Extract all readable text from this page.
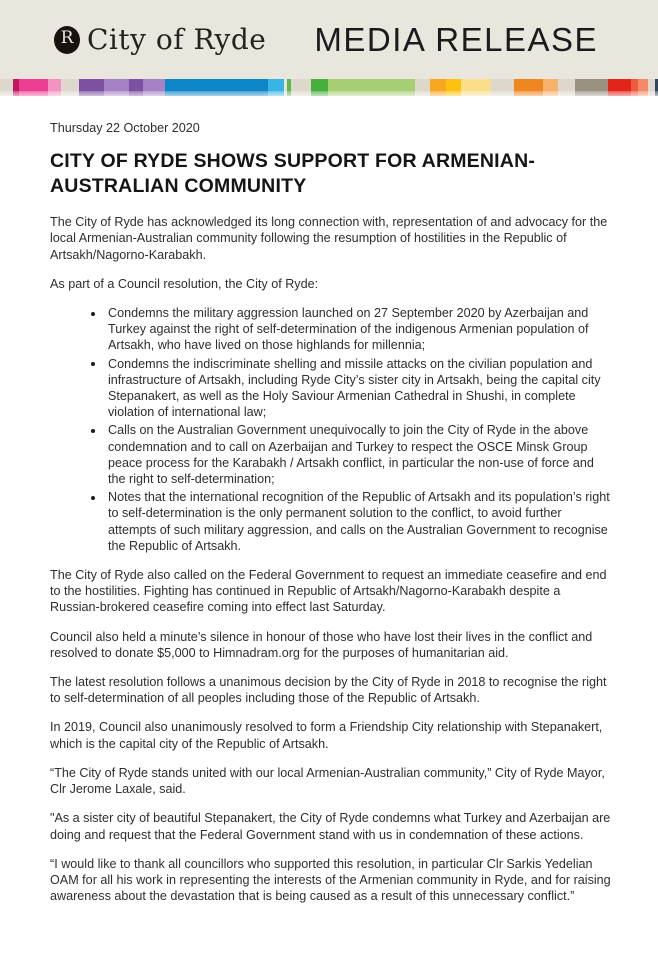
R City of Ryde MEDIA RELEASE

Thursday 22 October 2020

CITY OF RYDE SHOWS SUPPORT FOR ARMENIAN-AUSTRALIAN COMMUNITY

The City of Ryde has acknowledged its long connection with, representation of and advocacy for the local Armenian-Australian community following the resumption of hostilities in the Republic of Artsakh/Nagorno-Karabakh.

As part of a Council resolution, the City of Ryde:

Condemns the military aggression launched on 27 September 2020 by Azerbaijan and Turkey against the right of self-determination of the indigenous Armenian population of Artsakh, who have lived on those highlands for millennia;
Condemns the indiscriminate shelling and missile attacks on the civilian population and infrastructure of Artsakh, including Ryde City’s sister city in Artsakh, being the capital city Stepanakert, as well as the Holy Saviour Armenian Cathedral in Shushi, in complete violation of international law;
Calls on the Australian Government unequivocally to join the City of Ryde in the above condemnation and to call on Azerbaijan and Turkey to respect the OSCE Minsk Group peace process for the Karabakh / Artsakh conflict, in particular the non-use of force and the right to self-determination;
Notes that the international recognition of the Republic of Artsakh and its population’s right to self-determination is the only permanent solution to the conflict, to avoid further attempts of such military aggression, and calls on the Australian Government to recognise the Republic of Artsakh.

The City of Ryde also called on the Federal Government to request an immediate ceasefire and end to the hostilities. Fighting has continued in Republic of Artsakh/Nagorno-Karabakh despite a Russian-brokered ceasefire coming into effect last Saturday.

Council also held a minute’s silence in honour of those who have lost their lives in the conflict and resolved to donate $5,000 to Himnadram.org for the purposes of humanitarian aid.

The latest resolution follows a unanimous decision by the City of Ryde in 2018 to recognise the right to self-determination of all peoples including those of the Republic of Artsakh.

In 2019, Council also unanimously resolved to form a Friendship City relationship with Stepanakert, which is the capital city of the Republic of Artsakh.

“The City of Ryde stands united with our local Armenian-Australian community,” City of Ryde Mayor, Clr Jerome Laxale, said.

"As a sister city of beautiful Stepanakert, the City of Ryde condemns what Turkey and Azerbaijan are doing and request that the Federal Government stand with us in condemnation of these actions.

“I would like to thank all councillors who supported this resolution, in particular Clr Sarkis Yedelian OAM for all his work in representing the interests of the Armenian community in Ryde, and for raising awareness about the devastation that is being caused as a result of this unnecessary conflict.”
